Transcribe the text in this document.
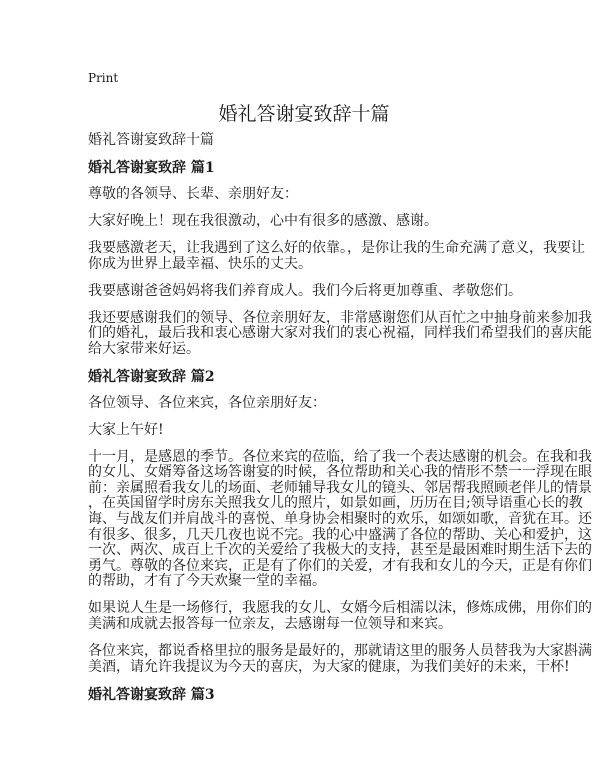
Print
婚礼答谢宴致辞十篇
婚礼答谢宴致辞十篇
婚礼答谢宴致辞 篇1
尊敬的各领导、长辈、亲朋好友：
大家好晚上！现在我很激动，心中有很多的感激、感谢。
我要感激老天，让我遇到了这么好的依靠。，是你让我的生命充满了意义，我要让
你成为世界上最幸福、快乐的丈夫。
我要感谢爸爸妈妈将我们养育成人。我们今后将更加尊重、孝敬您们。
我还要感谢我们的领导、各位亲朋好友，非常感谢您们从百忙之中抽身前来参加我
们的婚礼，最后我和衷心感谢大家对我们的衷心祝福，同样我们希望我们的喜庆能
给大家带来好运。
婚礼答谢宴致辞 篇2
各位领导、各位来宾，各位亲朋好友：
大家上午好!
十一月，是感恩的季节。各位来宾的莅临，给了我一个表达感谢的机会。在我和我
的女儿、女婿筹备这场答谢宴的时候，各位帮助和关心我的情形不禁一一浮现在眼
前：亲属照看我女儿的场面、老师辅导我女儿的镜头、邻居帮我照顾老伴儿的情景
，在英国留学时房东关照我女儿的照片，如景如画，历历在目;领导语重心长的教
诲、与战友们并肩战斗的喜悦、单身协会相聚时的欢乐，如颂如歌，音犹在耳。还
有很多、很多，几天几夜也说不完。我的心中盛满了各位的帮助、关心和爱护，这
一次、两次、成百上千次的关爱给了我极大的支持，甚至是最困难时期生活下去的
勇气。尊敬的各位来宾，正是有了你们的关爱，才有我和女儿的今天，正是有你们
的帮助，才有了今天欢聚一堂的幸福。
如果说人生是一场修行，我愿我的女儿、女婿今后相濡以沫，修炼成佛，用你们的
美满和成就去报答每一位亲友，去感谢每一位领导和来宾。
各位来宾，都说香格里拉的服务是最好的，那就请这里的服务人员替我为大家斟满
美酒，请允许我提议为今天的喜庆，为大家的健康，为我们美好的未来，干杯!
婚礼答谢宴致辞 篇3
